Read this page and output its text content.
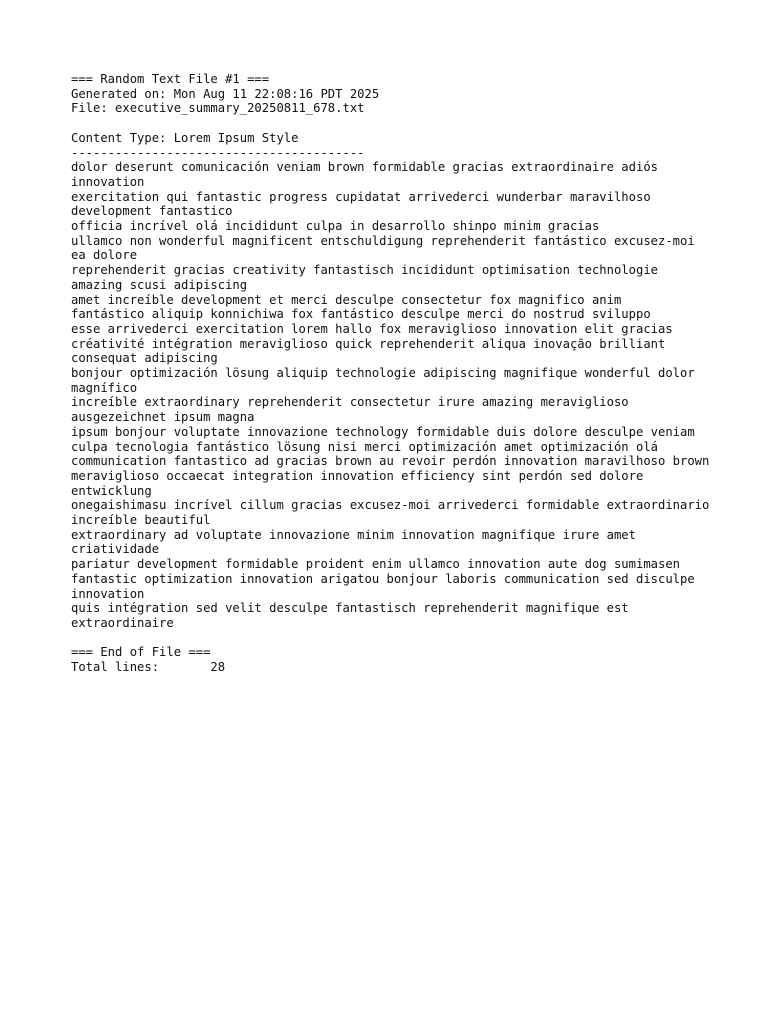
=== Random Text File #1 ===
Generated on: Mon Aug 11 22:08:16 PDT 2025
File: executive_summary_20250811_678.txt
Content Type: Lorem Ipsum Style
----------------------------------------
dolor deserunt comunicación veniam brown formidable gracias extraordinaire adiós innovation
exercitation qui fantastic progress cupidatat arrivederci wunderbar maravilhoso development fantastico
officia incrível olá incididunt culpa in desarrollo shinpo minim gracias
ullamco non wonderful magnificent entschuldigung reprehenderit fantástico excusez-moi ea dolore
reprehenderit gracias creativity fantastisch incididunt optimisation technologie amazing scusi adipiscing
amet increíble development et merci desculpe consectetur fox magnifico anim
fantástico aliquip konnichiwa fox fantástico desculpe merci do nostrud sviluppo
esse arrivederci exercitation lorem hallo fox meraviglioso innovation elit gracias
créativité intégration meraviglioso quick reprehenderit aliqua inovação brilliant consequat adipiscing
bonjour optimización lösung aliquip technologie adipiscing magnifique wonderful dolor magnífico
increíble extraordinary reprehenderit consectetur irure amazing meraviglioso ausgezeichnet ipsum magna
ipsum bonjour voluptate innovazione technology formidable duis dolore desculpe veniam
culpa tecnologia fantástico lösung nisi merci optimización amet optimización olá
communication fantastico ad gracias brown au revoir perdón innovation maravilhoso brown
meraviglioso occaecat integration innovation efficiency sint perdón sed dolore entwicklung
onegaishimasu incrível cillum gracias excusez-moi arrivederci formidable extraordinario increíble beautiful
extraordinary ad voluptate innovazione minim innovation magnifique irure amet criatividade
pariatur development formidable proident enim ullamco innovation aute dog sumimasen
fantastic optimization innovation arigatou bonjour laboris communication sed disculpe innovation
quis intégration sed velit desculpe fantastisch reprehenderit magnifique est extraordinaire
=== End of File ===
Total lines:       28
